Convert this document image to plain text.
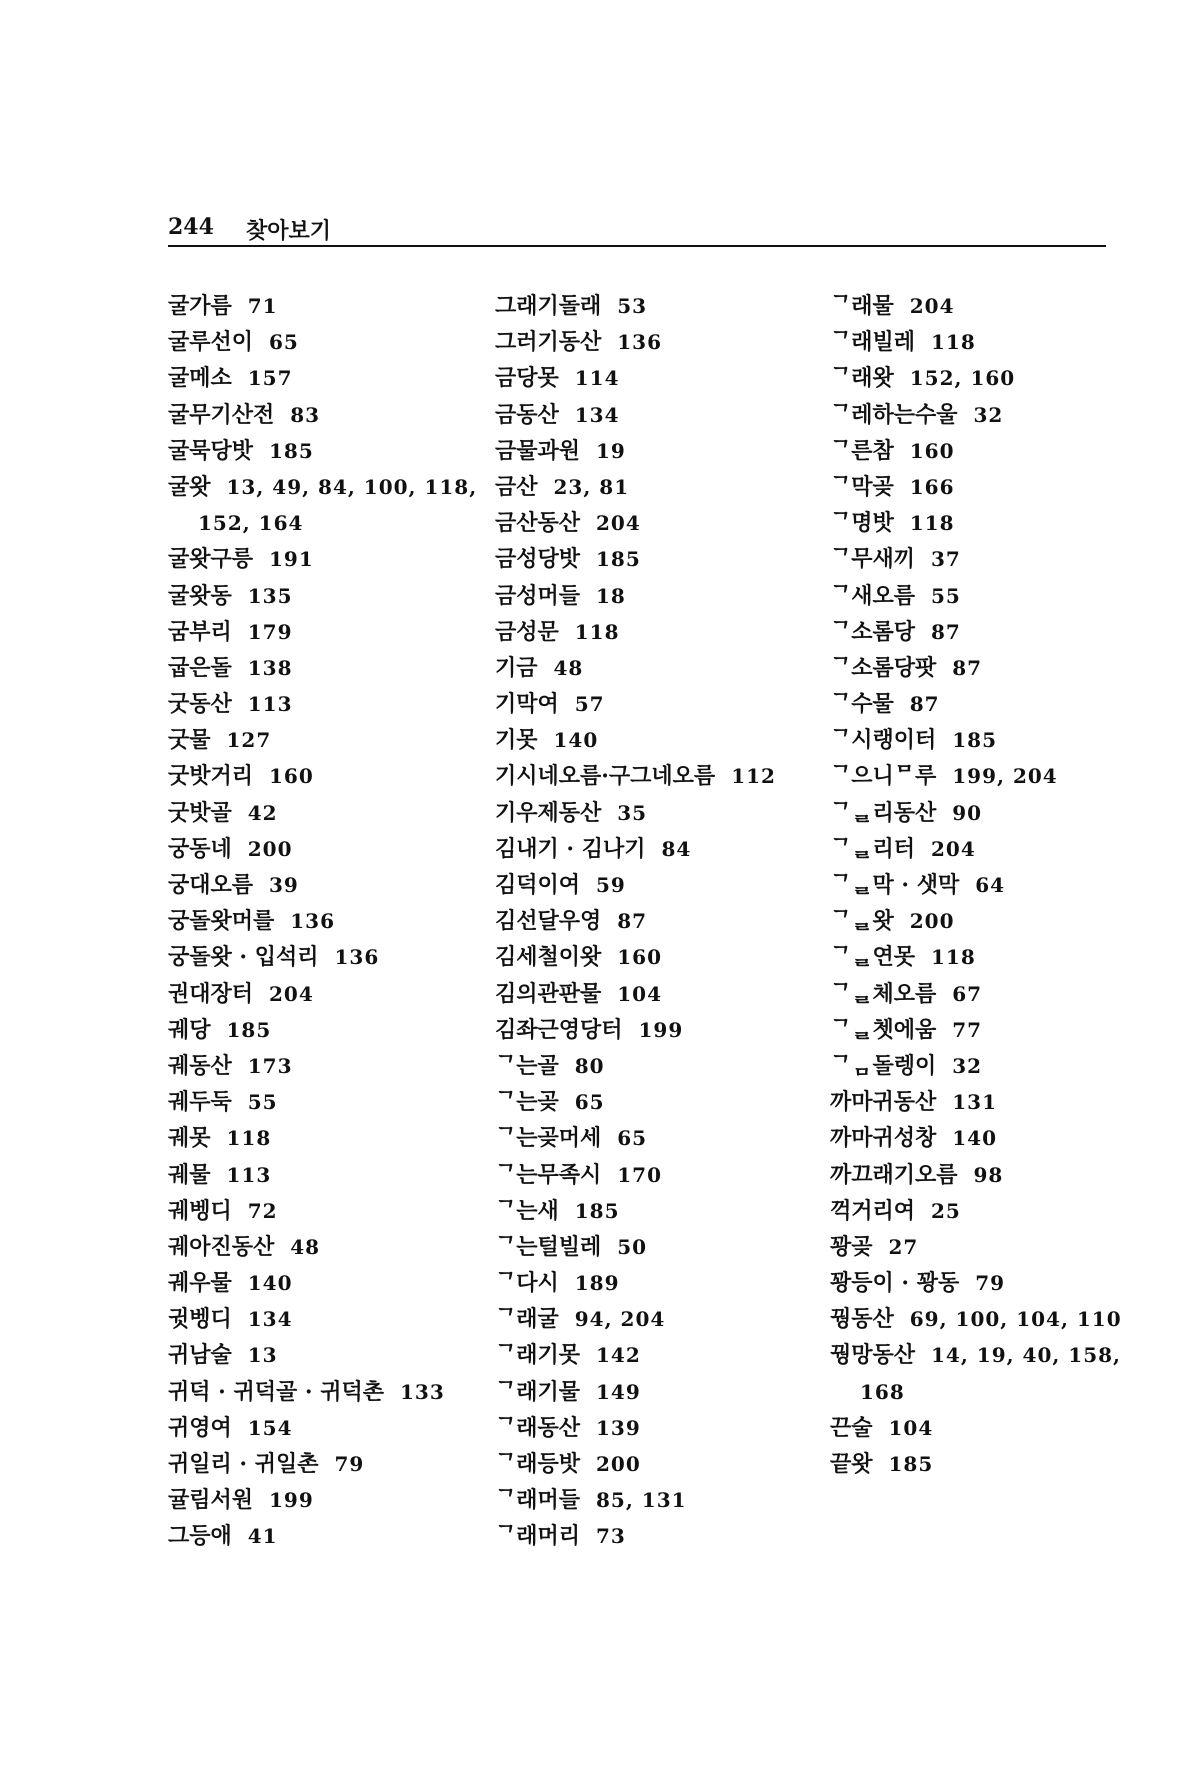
244 찾아보기
굴가름 71
굴루선이 65
굴메소 157
굴무기산전 83
굴묵당밧 185
굴왓 13, 49, 84, 100, 118,
152, 164
굴왓구릉 191
굴왓동 135
굼부리 179
굽은돌 138
굿동산 113
굿물 127
굿밧거리 160
굿밧골 42
궁동네 200
궁대오름 39
궁돌왓머를 136
궁돌왓 · 입석리 136
권대장터 204
궤당 185
궤동산 173
궤두둑 55
궤못 118
궤물 113
궤벵디 72
궤아진동산 48
궤우물 140
귓벵디 134
귀남술 13
귀덕 · 귀덕골 · 귀덕촌 133
귀영여 154
귀일리 · 귀일촌 79
귤림서원 199
그등애 41
그래기돌래 53
그러기동산 136
금당못 114
금동산 134
금물과원 19
금산 23, 81
금산동산 204
금성당밧 185
금성머들 18
금성문 118
기금 48
기막여 57
기못 140
기시네오름·구그네오름 112
기우제동산 35
김내기 · 김나기 84
김덕이여 59
김선달우영 87
김세철이왓 160
김의관판물 104
김좌근영당터 199
ᄀ는골 80
ᄀ는곶 65
ᄀ는곶머세 65
ᄀ는무족시 170
ᄀ는새 185
ᄀ는털빌레 50
ᄀ다시 189
ᄀ래굴 94, 204
ᄀ래기못 142
ᄀ래기물 149
ᄀ래동산 139
ᄀ래등밧 200
ᄀ래머들 85, 131
ᄀ래머리 73
ᄀ래물 204
ᄀ래빌레 118
ᄀ래왓 152, 160
ᄀ레하는수울 32
ᄀ른참 160
ᄀ막곶 166
ᄀ명밧 118
ᄀ무새끼 37
ᄀ새오름 55
ᄀ소롬당 87
ᄀ소롬당팟 87
ᄀ수물 87
ᄀ시랭이터 185
ᄀ으니ᄆ루 199, 204
ᄀᆯ리동산 90
ᄀᆯ리터 204
ᄀᆯ막 · 샛막 64
ᄀᆯ왓 200
ᄀᆯ연못 118
ᄀᆯ체오름 67
ᄀᆯ쳇에움 77
ᄀᆷ돌렝이 32
까마귀동산 131
까마귀성창 140
까끄래기오름 98
꺽거리여 25
꽝곶 27
꽝등이 · 꽝동 79
꿩동산 69, 100, 104, 110
꿩망동산 14, 19, 40, 158,
168
끈술 104
끝왓 185
